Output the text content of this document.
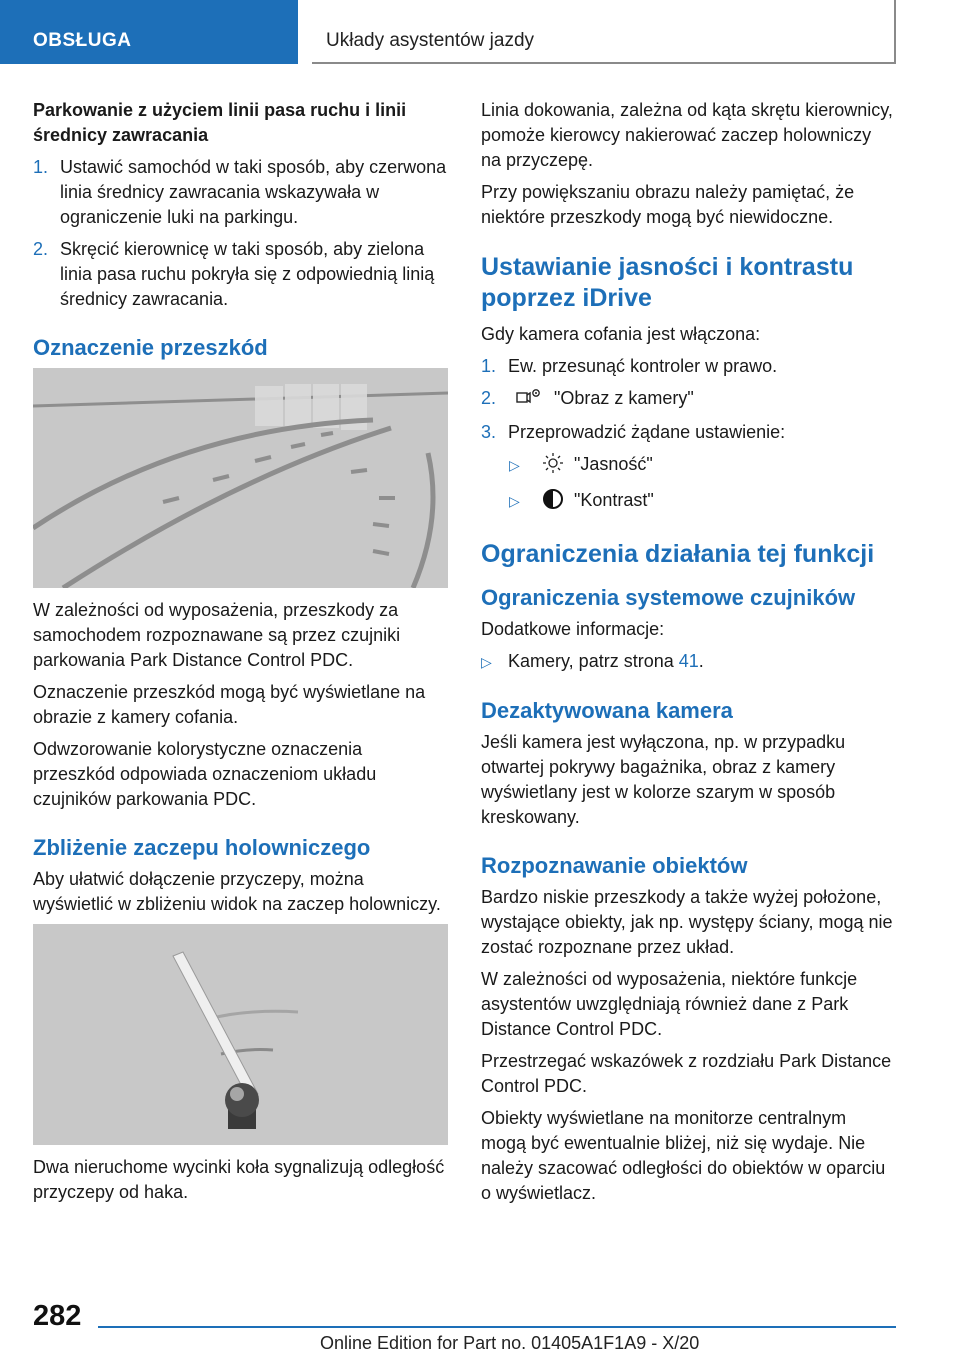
OBSŁUGA	Układy asystentów jazdy
Parkowanie z użyciem linii pasa ruchu i linii średnicy zawracania
1. Ustawić samochód w taki sposób, aby czerwona linia średnicy zawracania wskazywała w ograniczenie luki na parkingu.
2. Skręcić kierownicę w taki sposób, aby zielona linia pasa ruchu pokryła się z odpowiednią linią średnicy zawracania.
Oznaczenie przeszkód

W zależności od wyposażenia, przeszkody za samochodem rozpoznawane są przez czujniki parkowania Park Distance Control PDC.

Oznaczenie przeszkód mogą być wyświetlane na obrazie z kamery cofania.

Odwzorowanie kolorystyczne oznaczenia przeszkód odpowiada oznaczeniom układu czujników parkowania PDC.

Zbliżenie zaczepu holowniczego

Aby ułatwić dołączenie przyczepy, można wyświetlić w zbliżeniu widok na zaczep holowniczy.

Dwa nieruchome wycinki koła sygnalizują odległość przyczepy od haka.

Linia dokowania, zależna od kąta skrętu kierownicy, pomoże kierowcy nakierować zaczep holowniczy na przyczepę.

Przy powiększaniu obrazu należy pamiętać, że niektóre przeszkody mogą być niewidoczne.

Ustawianie jasności i kontrastu poprzez iDrive

Gdy kamera cofania jest włączona:

1. Ew. przesunąć kontroler w prawo.
2.	"Obraz z kamery"
3. Przeprowadzić żądane ustawienie:
▷	"Jasność"
▷	"Kontrast"
Ograniczenia działania tej funkcji
Ograniczenia systemowe czujników

Dodatkowe informacje:

▷ Kamery, patrz strona 41.
Dezaktywowana kamera

Jeśli kamera jest wyłączona, np. w przypadku otwartej pokrywy bagażnika, obraz z kamery wyświetlany jest w kolorze szarym w sposób kreskowany.

Rozpoznawanie obiektów

Bardzo niskie przeszkody a także wyżej położone, wystające obiekty, jak np. występy ściany, mogą nie zostać rozpoznane przez układ.

W zależności od wyposażenia, niektóre funkcje asystentów uwzględniają również dane z Park Distance Control PDC.

Przestrzegać wskazówek z rozdziału Park Distance Control PDC.

Obiekty wyświetlane na monitorze centralnym mogą być ewentualnie bliżej, niż się wydaje. Nie należy szacować odległości do obiektów w oparciu o wyświetlacz.

282
Online Edition for Part no. 01405A1F1A9 - X/20
